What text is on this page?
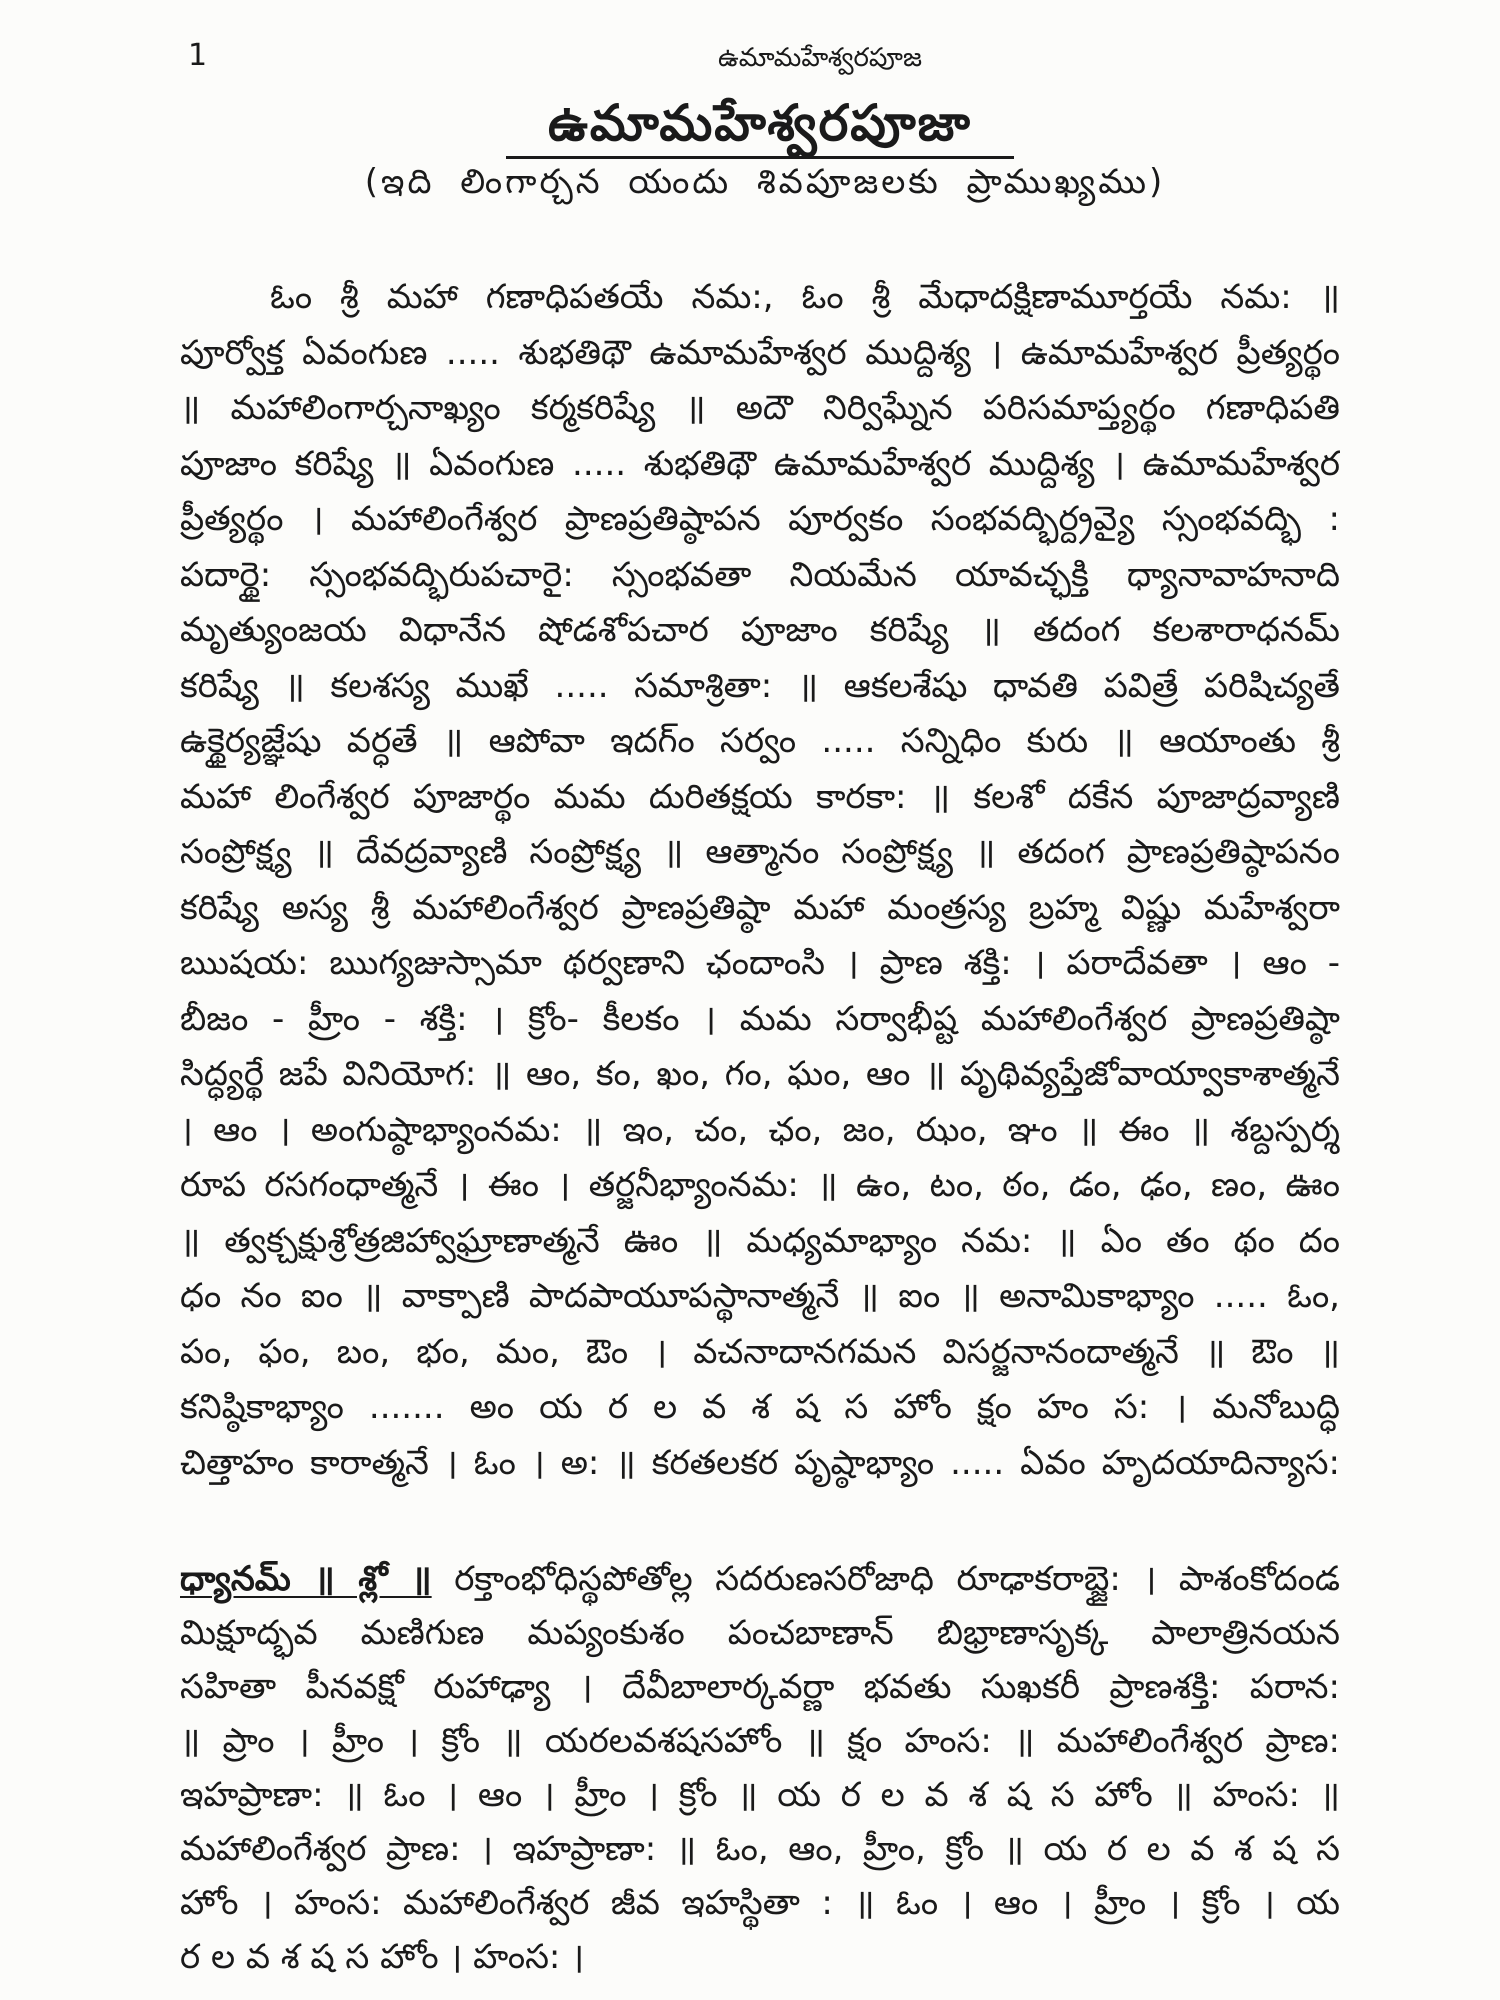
1	ఉమామహేశ్వరపూజ
ఉమామహేశ్వరపూజా
(ఇది లింగార్చన యందు శివపూజలకు ప్రాముఖ్యము)
ఓం శ్రీ మహా గణాధిపతయే నమ:, ఓం శ్రీ మేధాదక్షిణామూర్తయే నమ: ॥
పూర్వోక్త ఏవంగుణ ..... శుభతిథౌ ఉమామహేశ్వర ముద్దిశ్య । ఉమామహేశ్వర ప్రీత్యర్థం
॥ మహాలింగార్చనాఖ్యం కర్మకరిష్యే ॥ అదౌ నిర్విఘ్నేన పరిసమాప్త్యర్థం గణాధిపతి
పూజాం కరిష్యే ॥ ఏవంగుణ ..... శుభతిథౌ ఉమామహేశ్వర ముద్దిశ్య । ఉమామహేశ్వర
ప్రీత్యర్థం । మహాలింగేశ్వర ప్రాణప్రతిష్ఠాపన పూర్వకం సంభవద్భిర్ద్రవ్యై స్సంభవద్భి :
పదార్థై: స్సంభవద్భిరుపచారై: స్సంభవతా నియమేన యావచ్ఛక్తి ధ్యానావాహనాది
మృత్యుంజయ విధానేన షోడశోపచార పూజాం కరిష్యే ॥ తదంగ కలశారాధనమ్
కరిష్యే ॥ కలశస్య ముఖే ..... సమాశ్రితా: ॥ ఆకలశేషు ధావతి పవిత్రే పరిషిచ్యతే
ఉక్థైర్యజ్ఞేషు వర్ధతే ॥ ఆపోవా ఇదగ్ం సర్వం ..... సన్నిధిం కురు ॥ ఆయాంతు శ్రీ
మహా లింగేశ్వర పూజార్థం మమ దురితక్షయ కారకా: ॥ కలశో దకేన పూజాద్రవ్యాణి
సంప్రోక్ష్య ॥ దేవద్రవ్యాణి సంప్రోక్ష్య ॥ ఆత్మానం సంప్రోక్ష్య ॥ తదంగ ప్రాణప్రతిష్ఠాపనం
కరిష్యే అస్య శ్రీ మహాలింగేశ్వర ప్రాణప్రతిష్ఠా మహా మంత్రస్య బ్రహ్మ విష్ణు మహేశ్వరా
ఋషయ: ఋగ్యజుస్సామా థర్వణాని ఛందాంసి । ప్రాణ శక్తి: । పరాదేవతా । ఆం -
బీజం - హ్రీం - శక్తి: । క్రోం- కీలకం । మమ సర్వాభీష్ట మహాలింగేశ్వర ప్రాణప్రతిష్ఠా
సిద్ధ్యర్థే జపే వినియోగ: ॥ ఆం, కం, ఖం, గం, ఘం, ఆం ॥ పృథివ్యప్తేజోవాయ్వాకాశాత్మనే
। ఆం । అంగుష్ఠాభ్యాంనమ: ॥ ఇం, చం, ఛం, జం, ఝం, ఞం ॥ ఈం ॥ శబ్దస్పర్శ
రూప రసగంధాత్మనే । ఈం । తర్జనీభ్యాంనమ: ॥ ఉం, టం, ఠం, డం, ఢం, ణం, ఊం
॥ త్వక్చక్షుశ్రోత్రజిహ్వాఘ్రాణాత్మనే ఊం ॥ మధ్యమాభ్యాం నమ: ॥ ఏం తం థం దం
ధం నం ఐం ॥ వాక్పాణి పాదపాయూపస్థానాత్మనే ॥ ఐం ॥ అనామికాభ్యాం ..... ఓం,
పం, ఫం, బం, భం, మం, ఔం । వచనాదానగమన విసర్జనానందాత్మనే ॥ ఔం ॥
కనిష్ఠికాభ్యాం ....... అం య ర ల వ శ ష స హోం క్షం హం స: । మనోబుద్ధి
చిత్తాహం కారాత్మనే । ఓం । అ: ॥ కరతలకర పృష్ఠాభ్యాం ..... ఏవం హృదయాదిన్యాస:
ధ్యానమ్ ॥ శ్లో ॥ రక్తాంభోధిస్థపోతోల్ల సదరుణసరోజాధి రూఢాకరాబ్జై: । పాశంకోదండ
మిక్షూద్భవ మణిగుణ మప్యంకుశం పంచబాణాన్ బిభ్రాణాసృక్క పాలాత్రినయన
సహితా పీనవక్షో రుహాఢ్యా । దేవీబాలార్కవర్ణా భవతు సుఖకరీ ప్రాణశక్తి: పరాన:
॥ ప్రాం । హ్రీం । క్రోం ॥ యరలవశషసహోం ॥ క్షం హంస: ॥ మహాలింగేశ్వర ప్రాణ:
ఇహప్రాణా: ॥ ఓం । ఆం । హ్రీం । క్రోం ॥ య ర ల వ శ ష స హోం ॥ హంస: ॥
మహాలింగేశ్వర ప్రాణ: । ఇహప్రాణా: ॥ ఓం, ఆం, హ్రీం, క్రోం ॥ య ర ల వ శ ష స
హోం । హంస: మహాలింగేశ్వర జీవ ఇహస్థితా : ॥ ఓం । ఆం । హ్రీం । క్రోం । య
ర ల వ శ ష స హోం । హంస: ।
